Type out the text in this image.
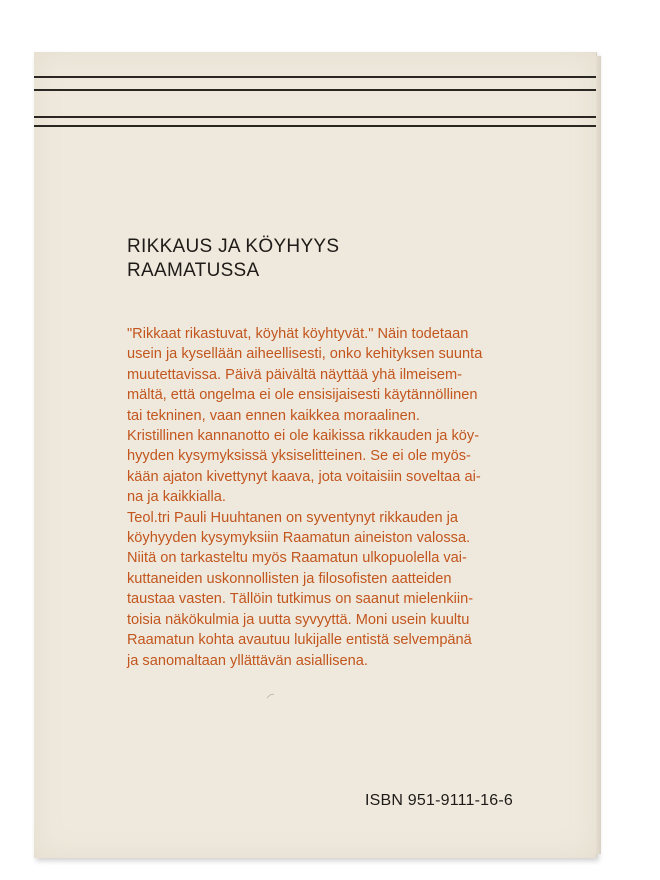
RIKKAUS JA KÖYHYYS
RAAMATUSSA
"Rikkaat rikastuvat, köyhät köyhtyvät." Näin todetaan
usein ja kysellään aiheellisesti, onko kehityksen suunta
muutettavissa. Päivä päivältä näyttää yhä ilmeisem-
mältä, että ongelma ei ole ensisijaisesti käytännöllinen
tai tekninen, vaan ennen kaikkea moraalinen.
Kristillinen kannanotto ei ole kaikissa rikkauden ja köy-
hyyden kysymyksissä yksiselitteinen. Se ei ole myös-
kään ajaton kivettynyt kaava, jota voitaisiin soveltaa ai-
na ja kaikkialla.
Teol.tri Pauli Huuhtanen on syventynyt rikkauden ja
köyhyyden kysymyksiin Raamatun aineiston valossa.
Niitä on tarkasteltu myös Raamatun ulkopuolella vai-
kuttaneiden uskonnollisten ja filosofisten aatteiden
taustaa vasten. Tällöin tutkimus on saanut mielenkiin-
toisia näkökulmia ja uutta syvyyttä. Moni usein kuultu
Raamatun kohta avautuu lukijalle entistä selvempänä
ja sanomaltaan yllättävän asiallisena.
ISBN 951-9111-16-6
